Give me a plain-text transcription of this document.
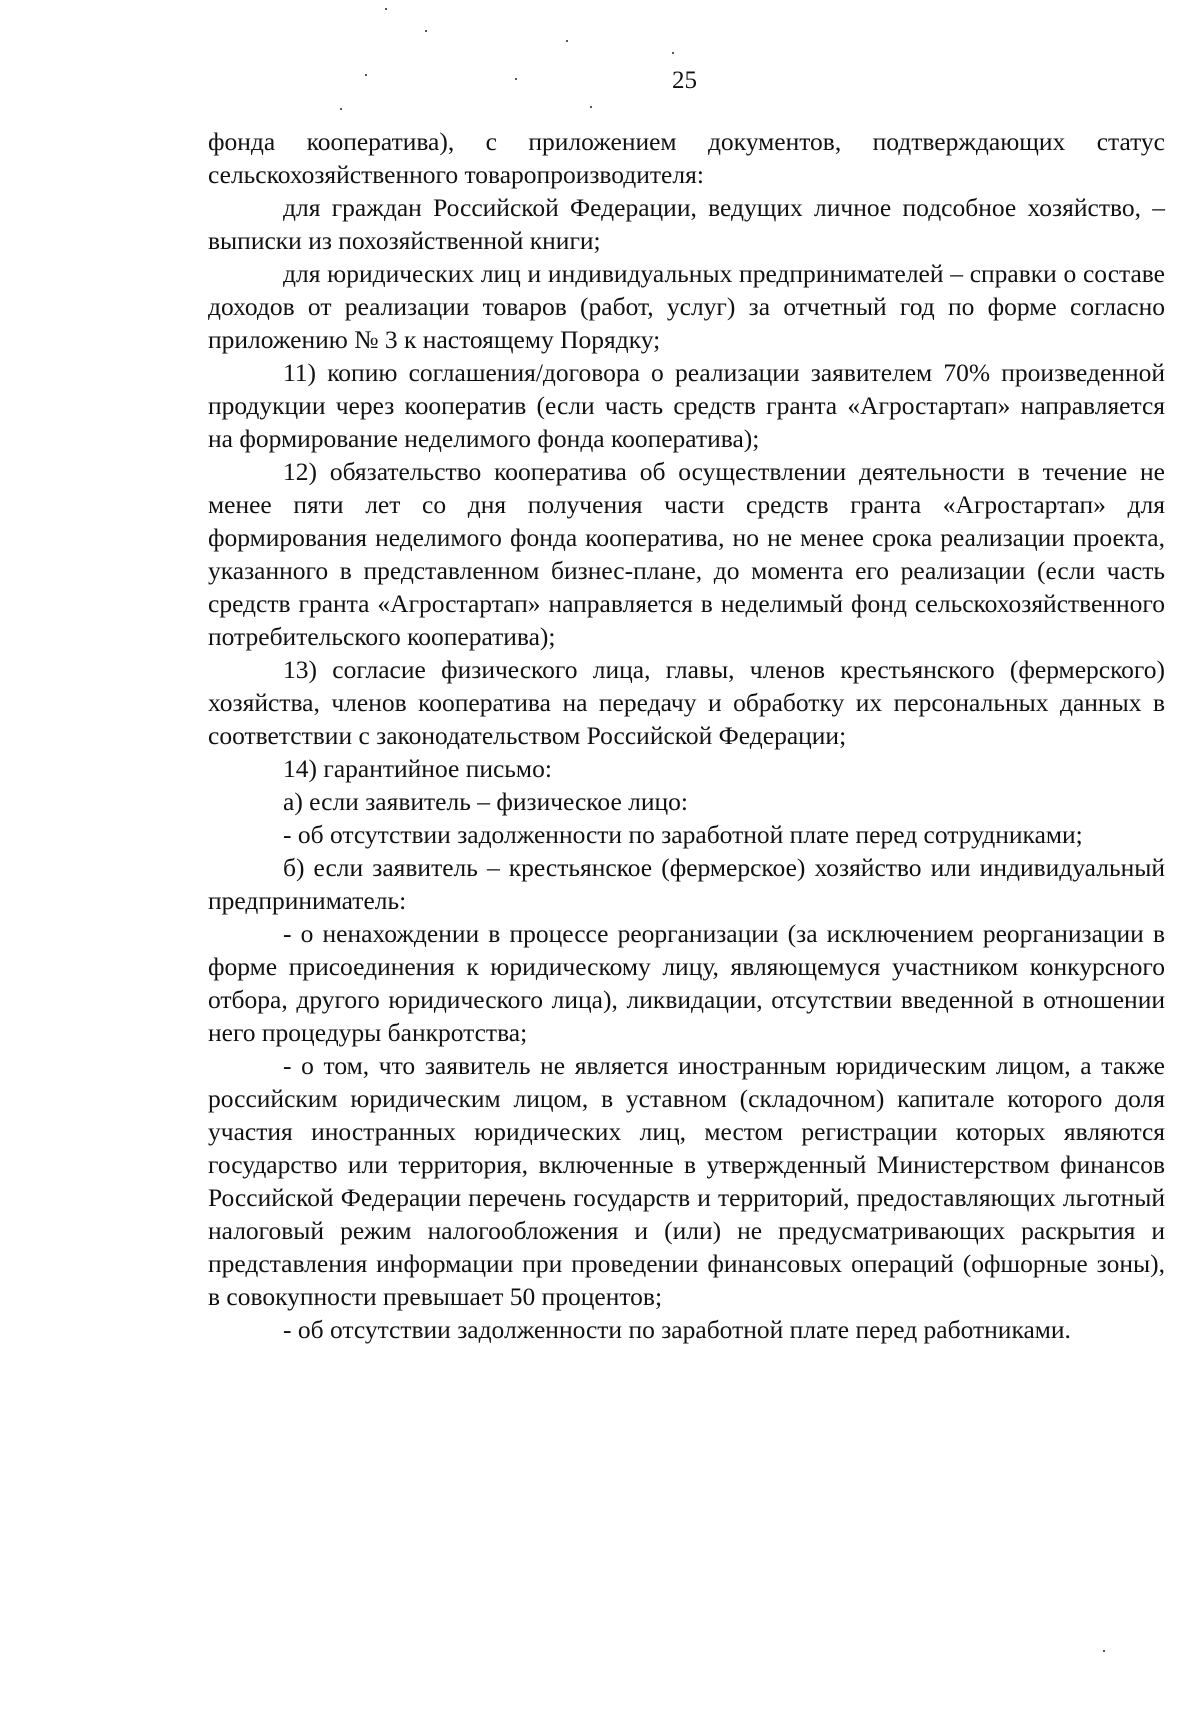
25

фонда кооператива), с приложением документов, подтверждающих статус сельскохозяйственного товаропроизводителя:

для граждан Российской Федерации, ведущих личное подсобное хозяйство, – выписки из похозяйственной книги;

для юридических лиц и индивидуальных предпринимателей – справки о составе доходов от реализации товаров (работ, услуг) за отчетный год по форме согласно приложению № 3 к настоящему Порядку;

11) копию соглашения/договора о реализации заявителем 70% произведенной продукции через кооператив (если часть средств гранта «Агростартап» направляется на формирование неделимого фонда кооператива);

12) обязательство кооператива об осуществлении деятельности в течение не менее пяти лет со дня получения части средств гранта «Агростартап» для формирования неделимого фонда кооператива, но не менее срока реализации проекта, указанного в представленном бизнес-плане, до момента его реализации (если часть средств гранта «Агростартап» направляется в неделимый фонд сельскохозяйственного потребительского кооператива);

13) согласие физического лица, главы, членов крестьянского (фермерского) хозяйства, членов кооператива на передачу и обработку их персональных данных в соответствии с законодательством Российской Федерации;

14) гарантийное письмо:

а) если заявитель – физическое лицо:

- об отсутствии задолженности по заработной плате перед сотрудниками;

б) если заявитель – крестьянское (фермерское) хозяйство или индивидуальный предприниматель:

- о ненахождении в процессе реорганизации (за исключением реорганизации в форме присоединения к юридическому лицу, являющемуся участником конкурсного отбора, другого юридического лица), ликвидации, отсутствии введенной в отношении него процедуры банкротства;

- о том, что заявитель не является иностранным юридическим лицом, а также российским юридическим лицом, в уставном (складочном) капитале которого доля участия иностранных юридических лиц, местом регистрации которых являются государство или территория, включенные в утвержденный Министерством финансов Российской Федерации перечень государств и территорий, предоставляющих льготный налоговый режим налогообложения и (или) не предусматривающих раскрытия и представления информации при проведении финансовых операций (офшорные зоны), в совокупности превышает 50 процентов;

- об отсутствии задолженности по заработной плате перед работниками.
